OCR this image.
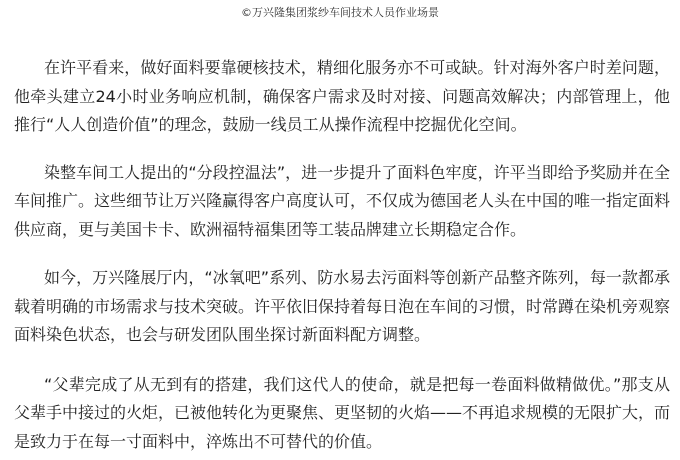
©万兴隆集团浆纱车间技术人员作业场景

在许平看来，做好面料要靠硬核技术，精细化服务亦不可或缺。针对海外客户时差问题，他牵头建立24小时业务响应机制，确保客户需求及时对接、问题高效解决；内部管理上，他推行“人人创造价值”的理念，鼓励一线员工从操作流程中挖掘优化空间。

染整车间工人提出的“分段控温法”，进一步提升了面料色牢度，许平当即给予奖励并在全车间推广。这些细节让万兴隆赢得客户高度认可，不仅成为德国老人头在中国的唯一指定面料供应商，更与美国卡卡、欧洲福特福集团等工装品牌建立长期稳定合作。

如今，万兴隆展厅内，“冰氧吧”系列、防水易去污面料等创新产品整齐陈列，每一款都承载着明确的市场需求与技术突破。许平依旧保持着每日泡在车间的习惯，时常蹲在染机旁观察面料染色状态，也会与研发团队围坐探讨新面料配方调整。

“父辈完成了从无到有的搭建，我们这代人的使命，就是把每一卷面料做精做优。”那支从父辈手中接过的火炬，已被他转化为更聚焦、更坚韧的火焰——不再追求规模的无限扩大，而是致力于在每一寸面料中，淬炼出不可替代的价值。
